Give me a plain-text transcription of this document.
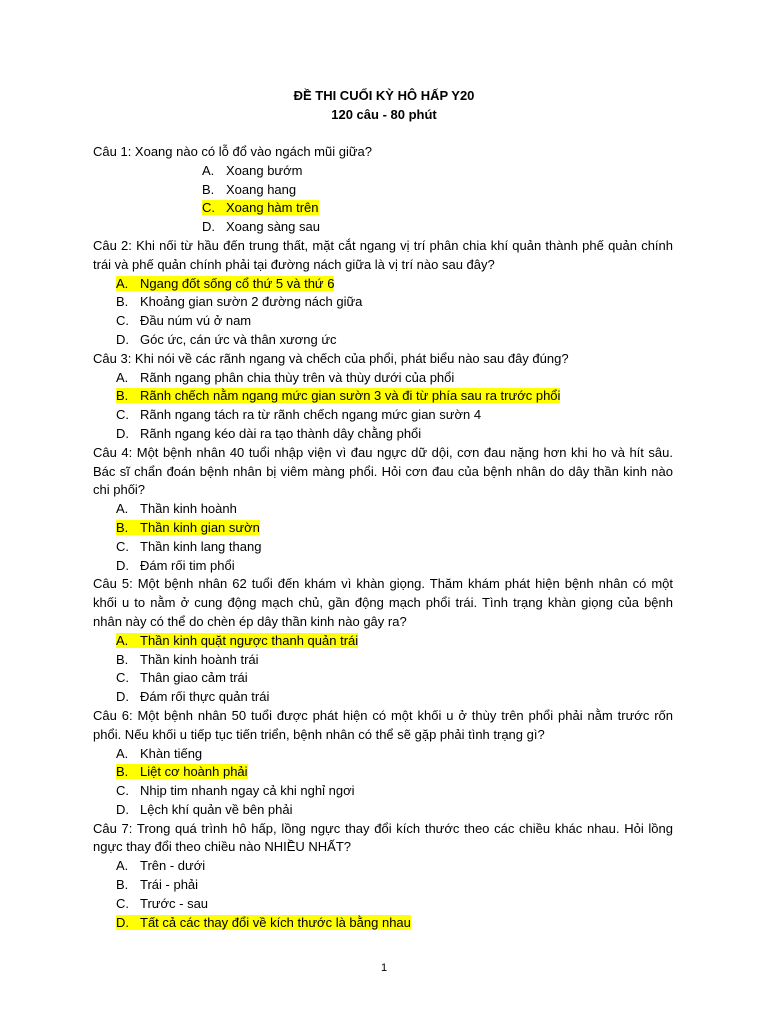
ĐỀ THI CUỐI KỲ HÔ HẤP Y20
120 câu - 80 phút
Câu 1: Xoang nào có lỗ đổ vào ngách mũi giữa?
A. Xoang bướm
B. Xoang hang
C. Xoang hàm trên
D. Xoang sàng sau
Câu 2: Khi nối từ hầu đến trung thất, mặt cắt ngang vị trí phân chia khí quản thành phế quản chính trái và phế quản chính phải tại đường nách giữa là vị trí nào sau đây?
A. Ngang đốt sống cổ thứ 5 và thứ 6
B. Khoảng gian sườn 2 đường nách giữa
C. Đầu núm vú ở nam
D. Góc ức, cán ức và thân xương ức
Câu 3: Khi nói về các rãnh ngang và chếch của phổi, phát biểu nào sau đây đúng?
A. Rãnh ngang phân chia thùy trên và thùy dưới của phổi
B. Rãnh chếch nằm ngang mức gian sườn 3 và đi từ phía sau ra trước phổi
C. Rãnh ngang tách ra từ rãnh chếch ngang mức gian sườn 4
D. Rãnh ngang kéo dài ra tạo thành dây chằng phổi
Câu 4: Một bệnh nhân 40 tuổi nhập viện vì đau ngực dữ dội, cơn đau nặng hơn khi ho và hít sâu. Bác sĩ chẩn đoán bệnh nhân bị viêm màng phổi. Hỏi cơn đau của bệnh nhân do dây thần kinh nào chi phối?
A. Thần kinh hoành
B. Thần kinh gian sườn
C. Thần kinh lang thang
D. Đám rối tim phổi
Câu 5: Một bệnh nhân 62 tuổi đến khám vì khàn giọng. Thăm khám phát hiện bệnh nhân có một khối u to nằm ở cung động mạch chủ, gần động mạch phổi trái. Tình trạng khàn giọng của bệnh nhân này có thể do chèn ép dây thần kinh nào gây ra?
A. Thần kinh quặt ngược thanh quản trái
B. Thần kinh hoành trái
C. Thân giao cảm trái
D. Đám rối thực quản trái
Câu 6: Một bệnh nhân 50 tuổi được phát hiện có một khối u ở thùy trên phổi phải nằm trước rốn phổi. Nếu khối u tiếp tục tiến triển, bệnh nhân có thể sẽ gặp phải tình trạng gì?
A. Khàn tiếng
B. Liệt cơ hoành phải
C. Nhịp tim nhanh ngay cả khi nghỉ ngơi
D. Lệch khí quản về bên phải
Câu 7: Trong quá trình hô hấp, lồng ngực thay đổi kích thước theo các chiều khác nhau. Hỏi lồng ngực thay đổi theo chiều nào NHIỀU NHẤT?
A. Trên - dưới
B. Trái - phải
C. Trước - sau
D. Tất cả các thay đổi về kích thước là bằng nhau
1
